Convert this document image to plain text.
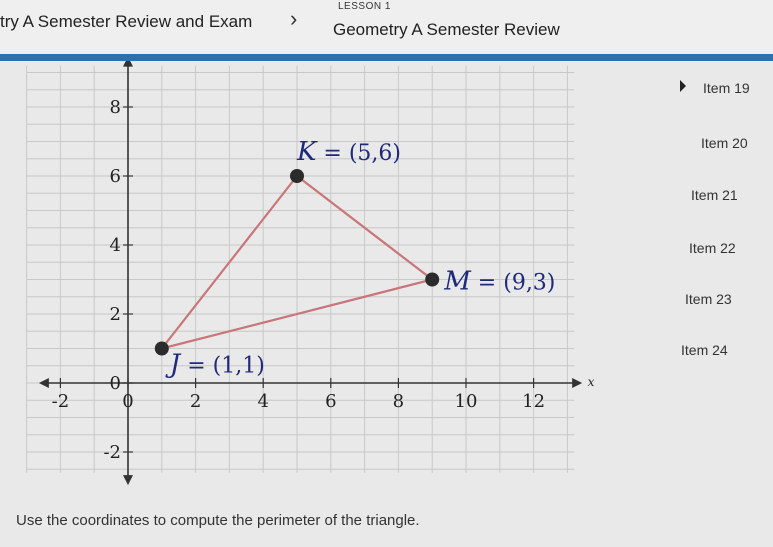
try A Semester Review and Exam ›	LESSON 1
Geometry A Semester Review
-2	0	2	4	6	8	10 12
x
8
6
4
2
0
-2
K = (5,6)
M = (9,3)
J = (1,1)
Item 19
Item 20
Item 21
Item 22
Item 23
Item 24
Use the coordinates to compute the perimeter of the triangle.
